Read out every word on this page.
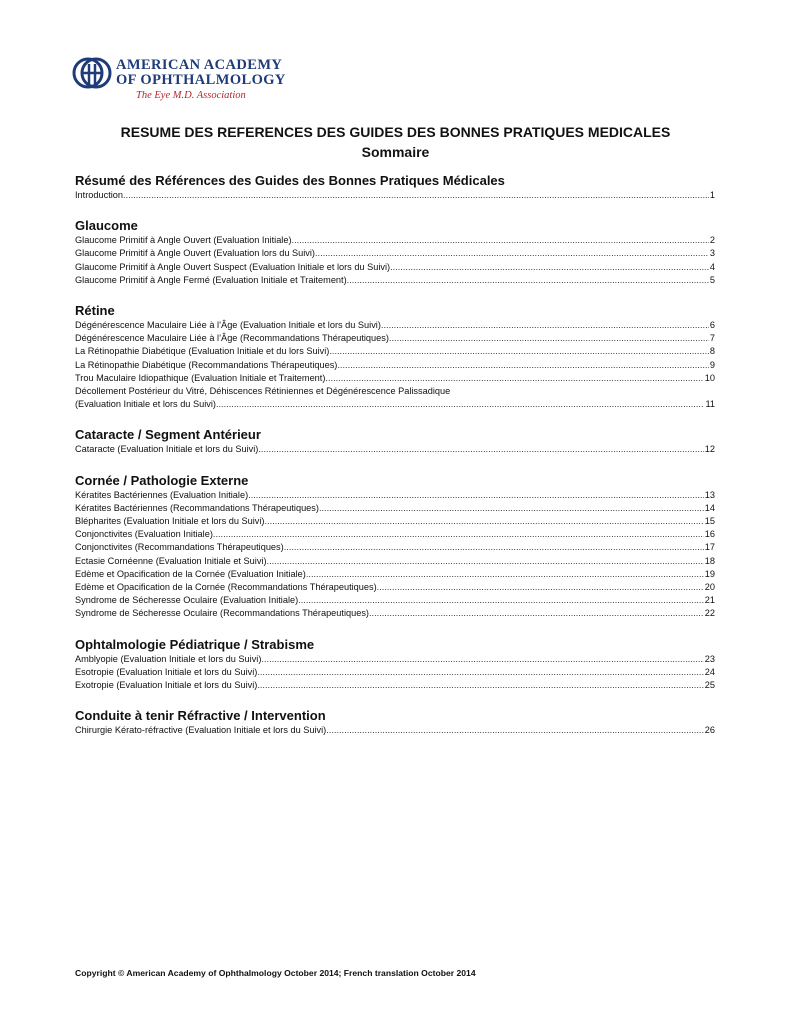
AMERICAN ACADEMY
OF OPHTHALMOLOGY
The Eye M.D. Association
RESUME DES REFERENCES DES GUIDES DES BONNES PRATIQUES MEDICALES
Sommaire
Résumé des Références des Guides des Bonnes Pratiques Médicales
Introduction .....	1
Glaucome
Glaucome Primitif à Angle Ouvert (Evaluation Initiale) .....	2
Glaucome Primitif à Angle Ouvert (Evaluation lors du Suivi) .....	3
Glaucome Primitif à Angle Ouvert Suspect (Evaluation Initiale et lors du Suivi) .....	4
Glaucome Primitif à Angle Fermé (Evaluation Initiale et Traitement) .....	5
Rétine
Dégénérescence Maculaire Liée à l’Âge (Evaluation Initiale et lors du Suivi) .....	6
Dégénérescence Maculaire Liée à l’Âge (Recommandations Thérapeutiques) .....	7
La Rétinopathie Diabétique (Evaluation Initiale et du lors Suivi) .....	8
La Rétinopathie Diabétique (Recommandations Thérapeutiques) .....	9
Trou Maculaire Idiopathique (Evaluation Initiale et Traitement) .....	10
Décollement Postérieur du Vitré, Déhiscences Rétiniennes et Dégénérescence Palissadique
(Evaluation Initiale et lors du Suivi) .....	11
Cataracte / Segment Antérieur
Cataracte (Evaluation Initiale et lors du Suivi) .....	12
Cornée / Pathologie Externe
Kératites Bactériennes (Evaluation Initiale) .....	13
Kératites Bactériennes (Recommandations Thérapeutiques) .....	14
Blépharites (Evaluation Initiale et lors du Suivi) .....	15
Conjonctivites (Evaluation Initiale) .....	16
Conjonctivites (Recommandations Thérapeutiques) .....	17
Ectasie Cornéenne (Evaluation Initiale et Suivi) .....	18
Edème et Opacification de la Cornée (Evaluation Initiale) .....	19
Edème et Opacification de la Cornée (Recommandations Thérapeutiques) .....	20
Syndrome de Sécheresse Oculaire (Evaluation Initiale) .....	21
Syndrome de Sécheresse Oculaire (Recommandations Thérapeutiques) .....	22
Ophtalmologie Pédiatrique / Strabisme
Amblyopie (Evaluation Initiale et lors du Suivi) .....	23
Esotropie (Evaluation Initiale et lors du Suivi) .....	24
Exotropie (Evaluation Initiale et lors du Suivi) .....	25
Conduite à tenir Réfractive / Intervention
Chirurgie Kérato-réfractive (Evaluation Initiale et lors du Suivi) .....	26
Copyright © American Academy of Ophthalmology October 2014; French translation October 2014
